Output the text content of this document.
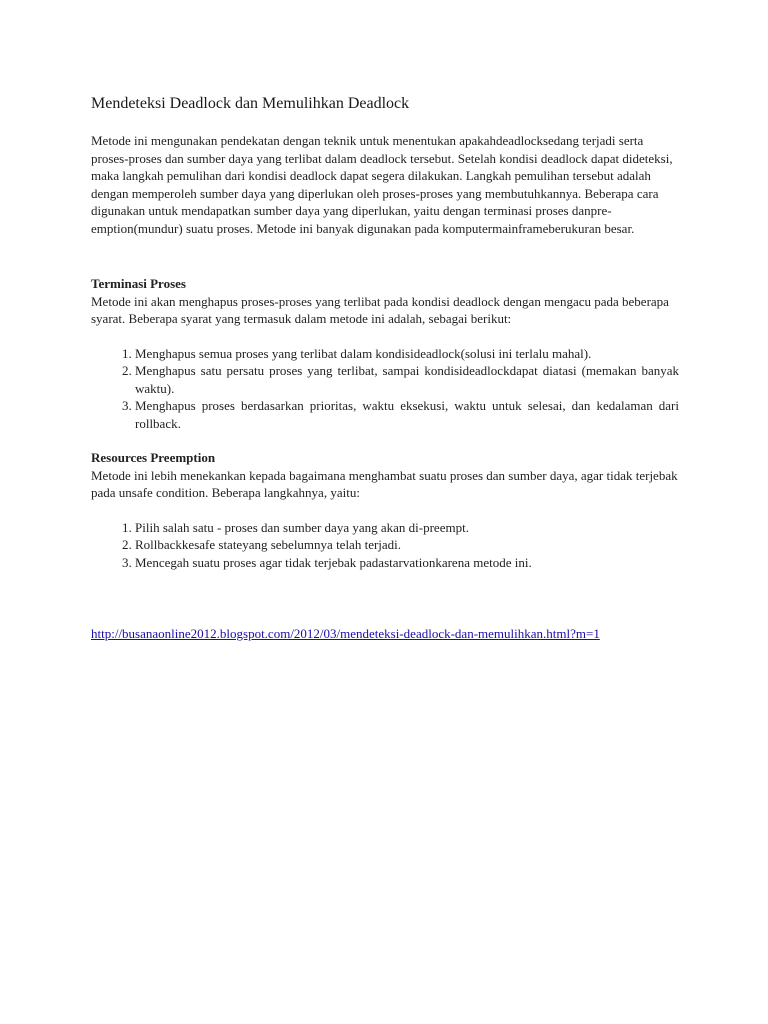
Mendeteksi Deadlock dan Memulihkan Deadlock

Metode ini mengunakan pendekatan dengan teknik untuk menentukan apakahdeadlocksedang terjadi serta proses-proses dan sumber daya yang terlibat dalam deadlock tersebut. Setelah kondisi deadlock dapat dideteksi, maka langkah pemulihan dari kondisi deadlock dapat segera dilakukan. Langkah pemulihan tersebut adalah dengan memperoleh sumber daya yang diperlukan oleh proses-proses yang membutuhkannya. Beberapa cara digunakan untuk mendapatkan sumber daya yang diperlukan, yaitu dengan terminasi proses danpre-emption(mundur) suatu proses. Metode ini banyak digunakan pada komputermainframeberukuran besar.

Terminasi Proses

Metode ini akan menghapus proses-proses yang terlibat pada kondisi deadlock dengan mengacu pada beberapa syarat. Beberapa syarat yang termasuk dalam metode ini adalah, sebagai berikut:

1. Menghapus semua proses yang terlibat dalam kondisideadlock(solusi ini terlalu mahal).
2. Menghapus satu persatu proses yang terlibat, sampai kondisideadlockdapat diatasi (memakan banyak waktu).
3. Menghapus proses berdasarkan prioritas, waktu eksekusi, waktu untuk selesai, dan kedalaman dari rollback.
Resources Preemption

Metode ini lebih menekankan kepada bagaimana menghambat suatu proses dan sumber daya, agar tidak terjebak pada unsafe condition. Beberapa langkahnya, yaitu:

1. Pilih salah satu - proses dan sumber daya yang akan di-preempt.
2. Rollbackkesafe stateyang sebelumnya telah terjadi.
3. Mencegah suatu proses agar tidak terjebak padastarvationkarena metode ini.
http://busanaonline2012.blogspot.com/2012/03/mendeteksi-deadlock-dan-memulihkan.html?m=1
